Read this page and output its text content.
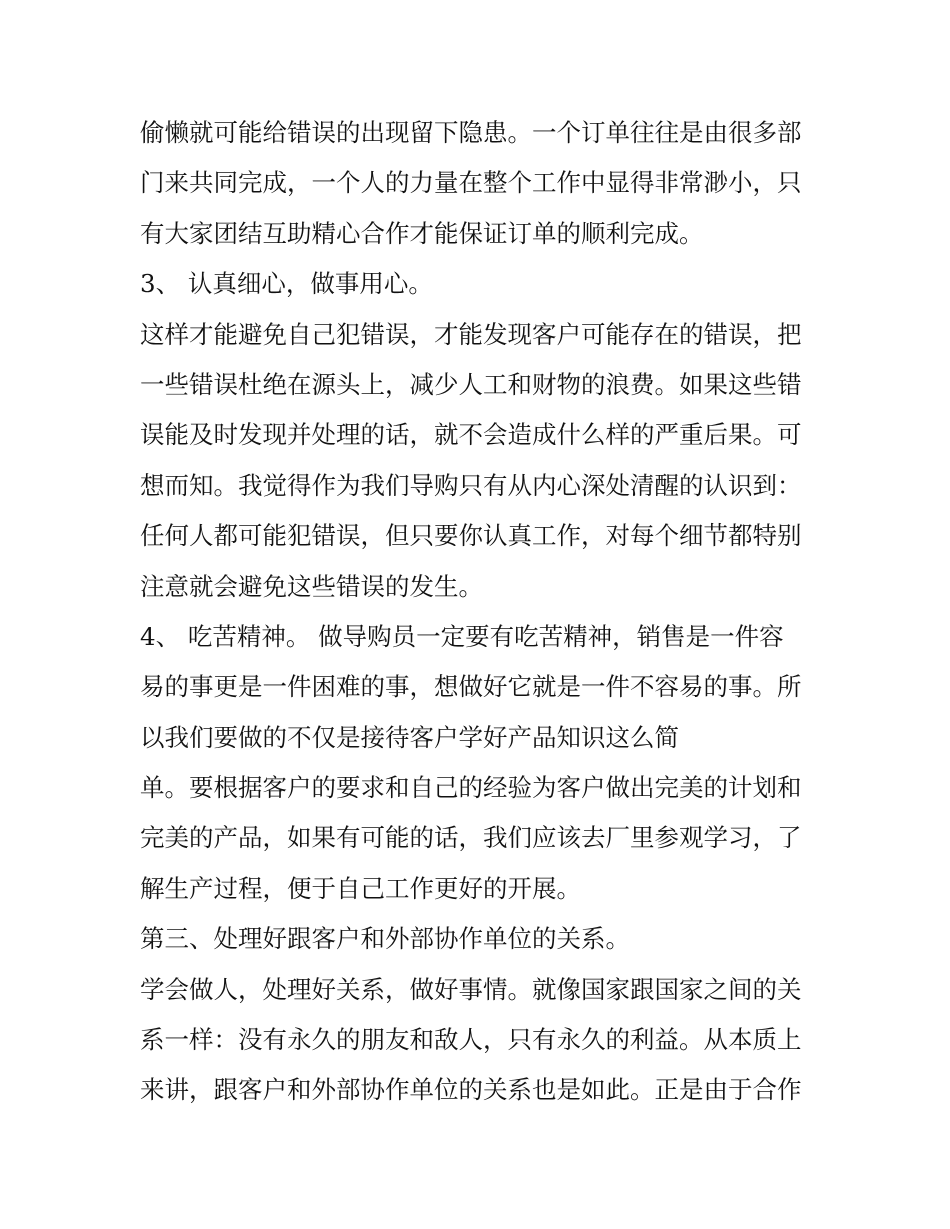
偷懒就可能给错误的出现留下隐患。一个订单往往是由很多部
门来共同完成，一个人的力量在整个工作中显得非常渺小，只
有大家团结互助精心合作才能保证订单的顺利完成。
3、 认真细心，做事用心。
这样才能避免自己犯错误，才能发现客户可能存在的错误，把
一些错误杜绝在源头上，减少人工和财物的浪费。如果这些错
误能及时发现并处理的话，就不会造成什么样的严重后果。可
想而知。我觉得作为我们导购只有从内心深处清醒的认识到：
任何人都可能犯错误，但只要你认真工作，对每个细节都特别
注意就会避免这些错误的发生。
4、 吃苦精神。 做导购员一定要有吃苦精神，销售是一件容
易的事更是一件困难的事，想做好它就是一件不容易的事。所
以我们要做的不仅是接待客户学好产品知识这么简
单。要根据客户的要求和自己的经验为客户做出完美的计划和
完美的产品，如果有可能的话，我们应该去厂里参观学习，了
解生产过程，便于自己工作更好的开展。
第三、处理好跟客户和外部协作单位的关系。
学会做人，处理好关系，做好事情。就像国家跟国家之间的关
系一样：没有永久的朋友和敌人，只有永久的利益。从本质上
来讲，跟客户和外部协作单位的关系也是如此。正是由于合作
